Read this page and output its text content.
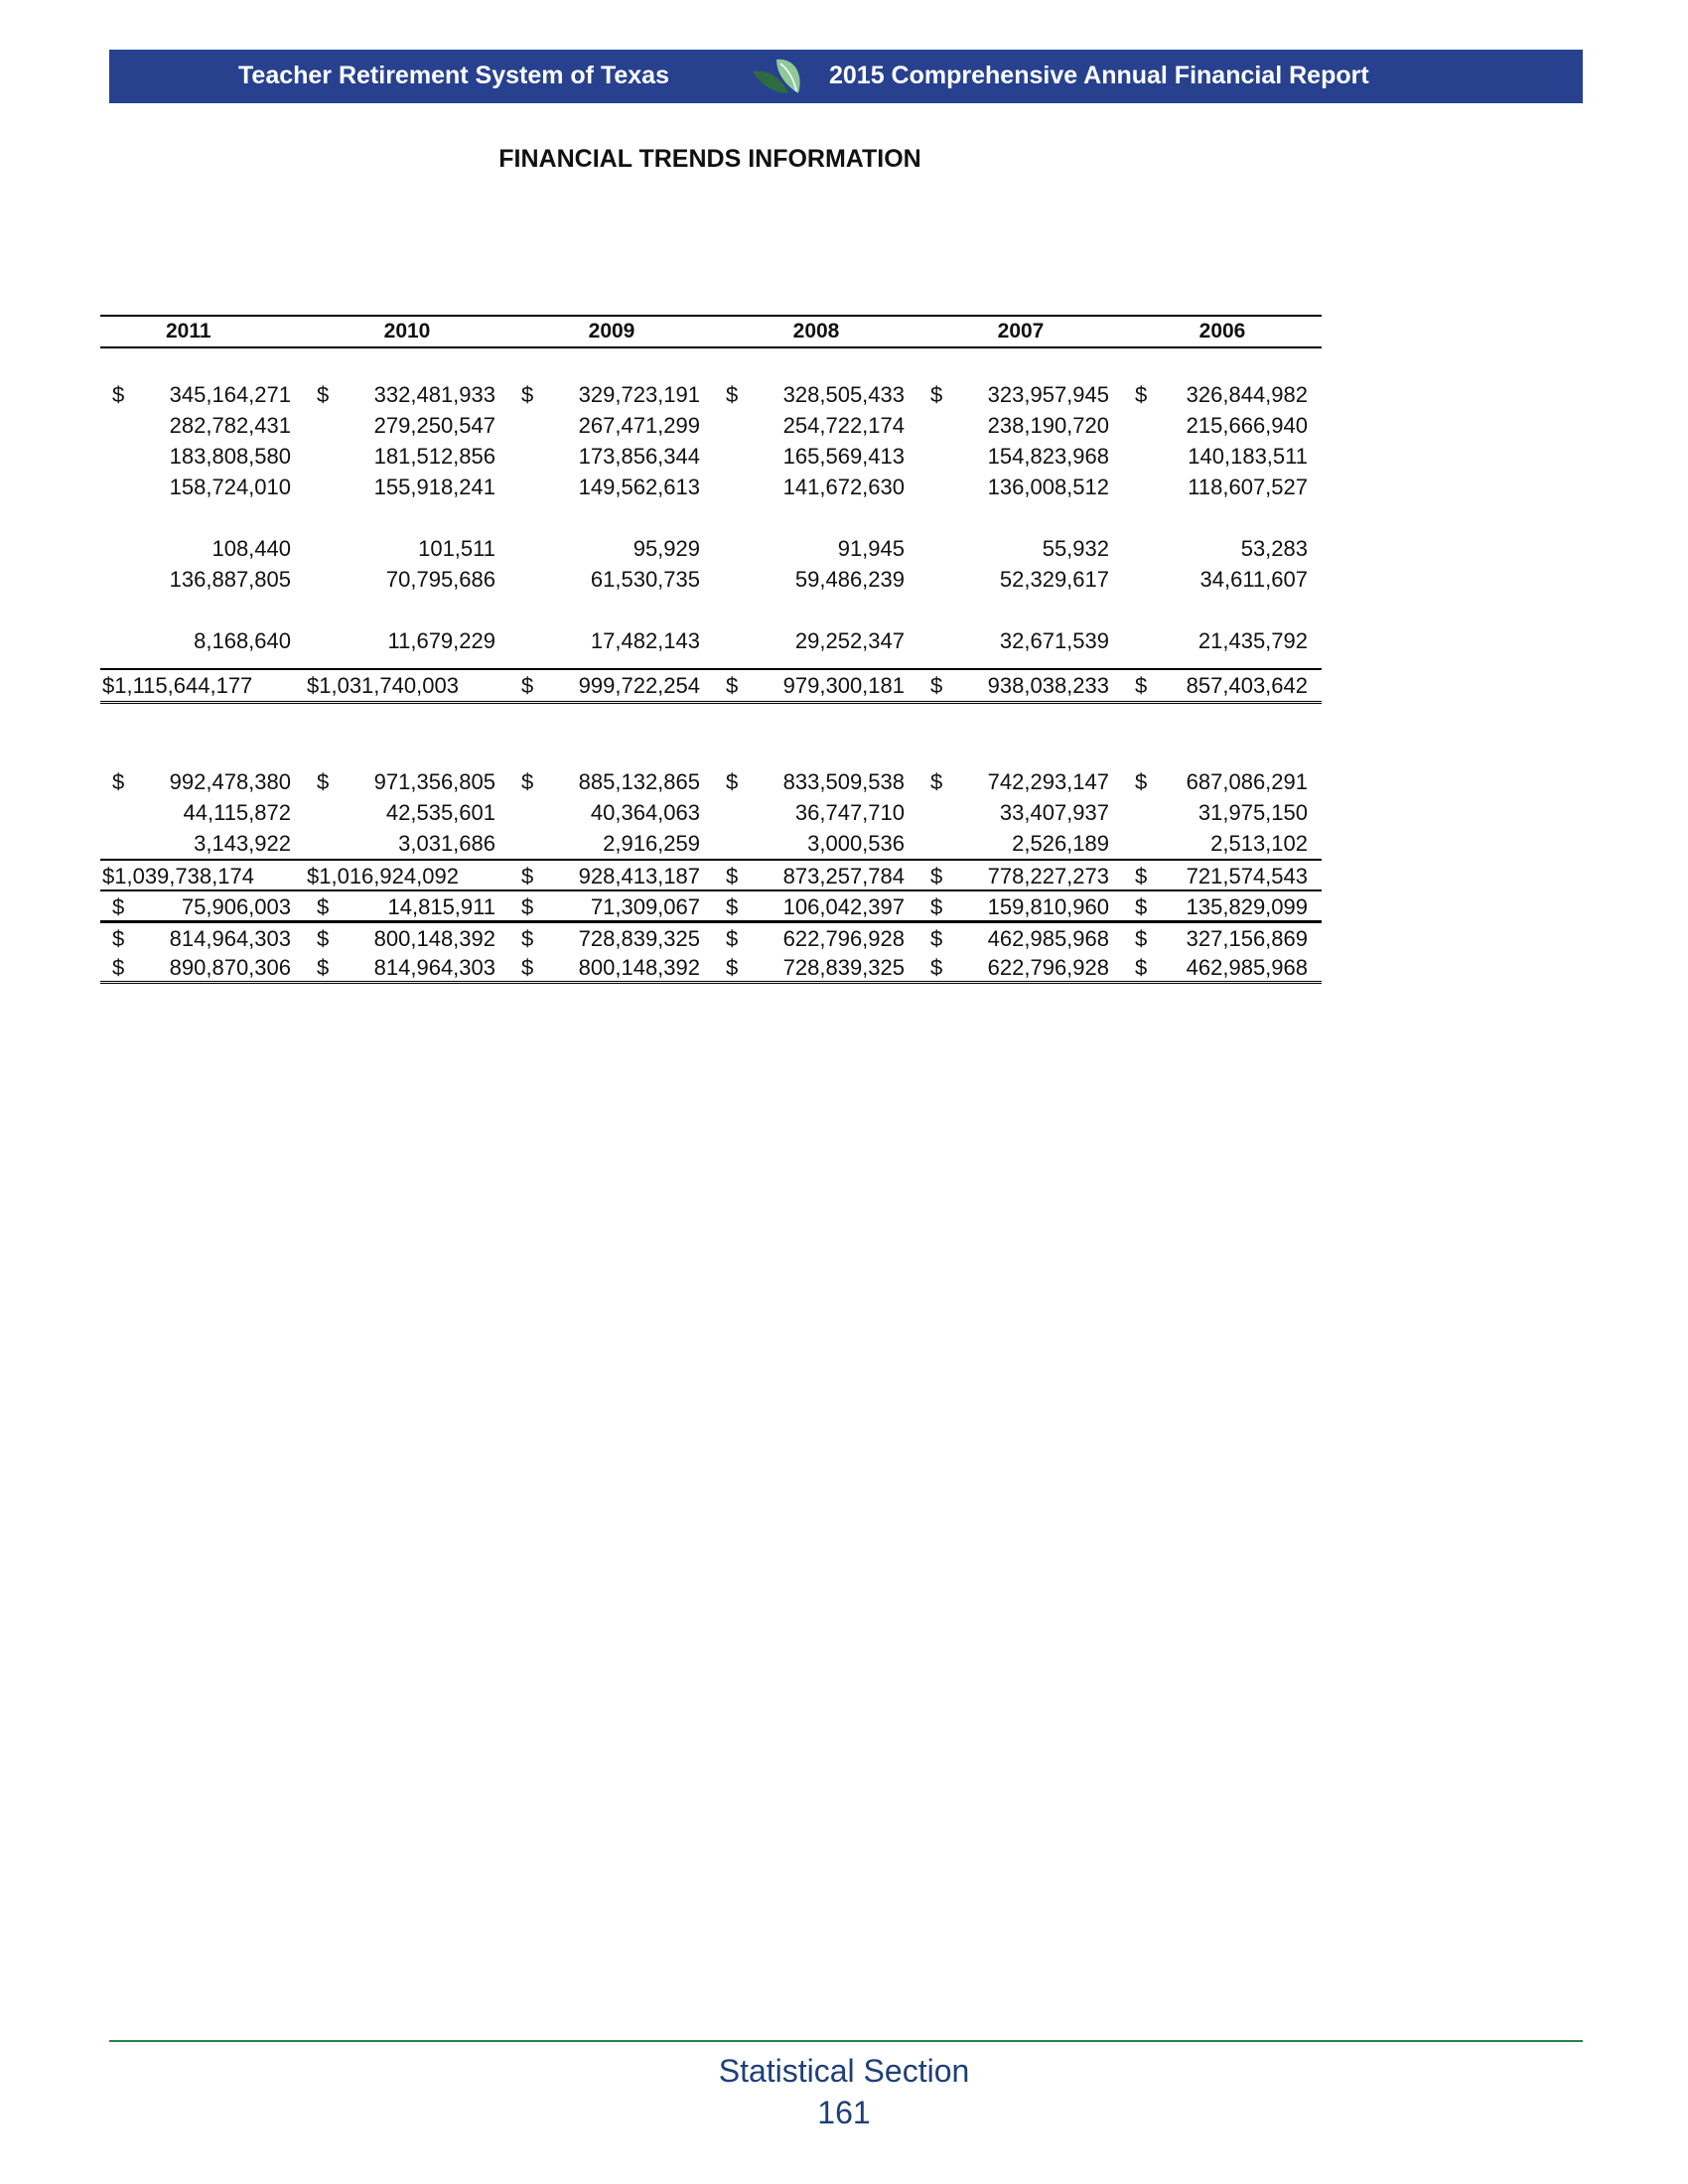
Teacher Retirement System of Texas	2015 Comprehensive Annual Financial Report
FINANCIAL TRENDS INFORMATION
2011	2010	2009	2008	2007	2006

$ 345,164,271	$ 332,481,933	$ 329,723,191	$ 328,505,433	$ 323,957,945	$ 326,844,982

282,782,431	279,250,547	267,471,299	254,722,174	238,190,720	215,666,940

183,808,580	181,512,856	173,856,344	165,569,413	154,823,968	140,183,511

158,724,010	155,918,241	149,562,613	141,672,630	136,008,512	118,607,527

108,440	101,511	95,929	91,945	55,932	53,283

136,887,805	70,795,686	61,530,735	59,486,239	52,329,617	34,611,607

8,168,640	11,679,229	17,482,143	29,252,347	32,671,539	21,435,792

$1,115,644,177	$1,031,740,003	$ 999,722,254	$ 979,300,181	$ 938,038,233	$ 857,403,642

$ 992,478,380	$ 971,356,805	$ 885,132,865	$ 833,509,538	$ 742,293,147	$ 687,086,291

44,115,872	42,535,601	40,364,063	36,747,710	33,407,937	31,975,150

3,143,922	3,031,686	2,916,259	3,000,536	2,526,189	2,513,102

$1,039,738,174	$1,016,924,092	$ 928,413,187	$ 873,257,784	$ 778,227,273	$ 721,574,543

$ 75,906,003	$ 14,815,911	$ 71,309,067	$ 106,042,397	$ 159,810,960	$ 135,829,099

$ 814,964,303	$ 800,148,392	$ 728,839,325	$ 622,796,928	$ 462,985,968	$ 327,156,869

$ 890,870,306	$ 814,964,303	$ 800,148,392	$ 728,839,325	$ 622,796,928	$ 462,985,968
Statistical Section
161
